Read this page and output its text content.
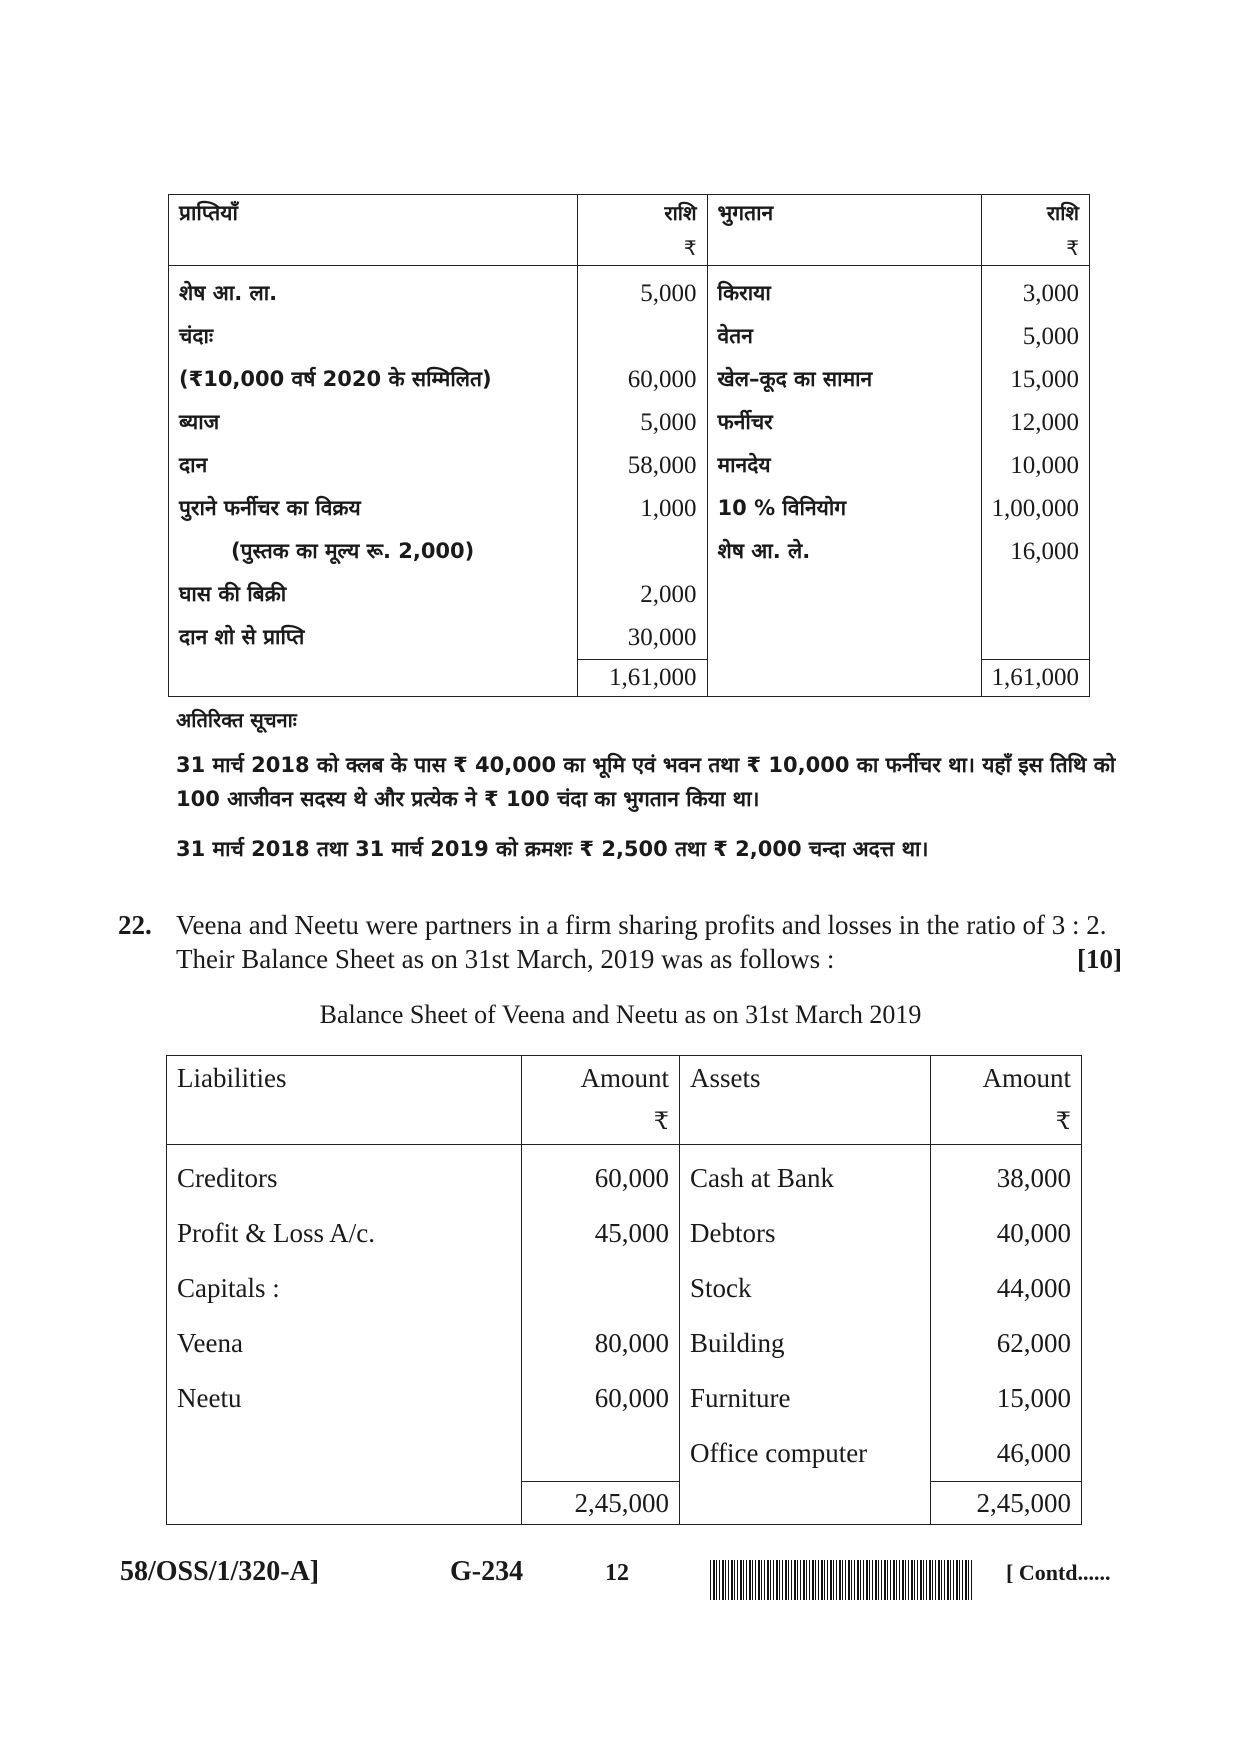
प्राप्तियाँ	राशि	भुगतान	राशि
	₹		₹
शेष आ. ला.	5,000	किराया	3,000
चंदाः		वेतन	5,000
(₹10,000 वर्ष 2020 के सम्मिलित)	60,000	खेल–कूद का सामान	15,000
ब्याज	5,000	फर्नीचर	12,000
दान	58,000	मानदेय	10,000
पुराने फर्नीचर का विक्रय	1,000	10 % विनियोग	1,00,000
(पुस्तक का मूल्य रू. 2,000)		शेष आ. ले.	16,000
घास की बिक्री	2,000		
दान शो से प्राप्ति	30,000		
	1,61,000		1,61,000
अतिरिक्त सूचनाः
31 मार्च 2018 को क्लब के पास ₹ 40,000 का भूमि एवं भवन तथा ₹ 10,000 का फर्नीचर था। यहाँ इस तिथि को 100 आजीवन सदस्य थे और प्रत्येक ने ₹ 100 चंदा का भुगतान किया था।
31 मार्च 2018 तथा 31 मार्च 2019 को क्रमशः ₹ 2,500 तथा ₹ 2,000 चन्दा अदत्त था।
22. Veena and Neetu were partners in a firm sharing profits and losses in the ratio of 3 : 2. Their Balance Sheet as on 31st March, 2019 was as follows :	[10]
Balance Sheet of Veena and Neetu as on 31st March 2019
Liabilities	Amount	Assets	Amount
	₹		₹
Creditors	60,000	Cash at Bank	38,000
Profit & Loss A/c.	45,000	Debtors	40,000
Capitals :		Stock	44,000
Veena	80,000	Building	62,000
Neetu	60,000	Furniture	15,000
		Office computer	46,000
	2,45,000		2,45,000
58/OSS/1/320-A]	G-234	12	[ Contd......
